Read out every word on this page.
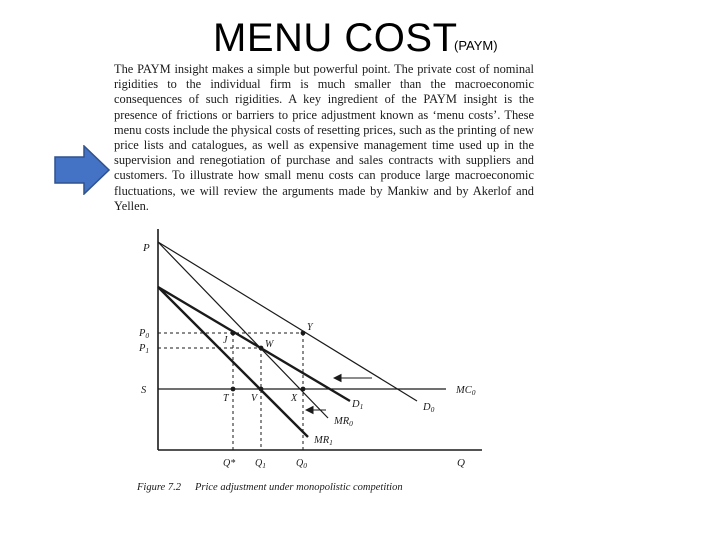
MENU COST
(PAYM)
The PAYM insight makes a simple but powerful point. The private cost of nominal rigidities to the individual firm is much smaller than the macroeconomic consequences of such rigidities. A key ingredient of the PAYM insight is the presence of frictions or barriers to price adjustment known as ‘menu costs’. These menu costs include the physical costs of resetting prices, such as the printing of new price lists and catalogues, as well as expensive management time used up in the supervision and renegotiation of purchase and sales contracts with suppliers and customers. To illustrate how small menu costs can produce large macroeconomic fluctuations, we will review the arguments made by Mankiw and by Akerlof and Yellen.
P
Q
P0
P1
S
Q* $Q_1$	$Q_0$
J	W
Y
T V	X
MC0
D1	D0
MR0
MR1
Figure 7.2 Price adjustment under monopolistic competition
